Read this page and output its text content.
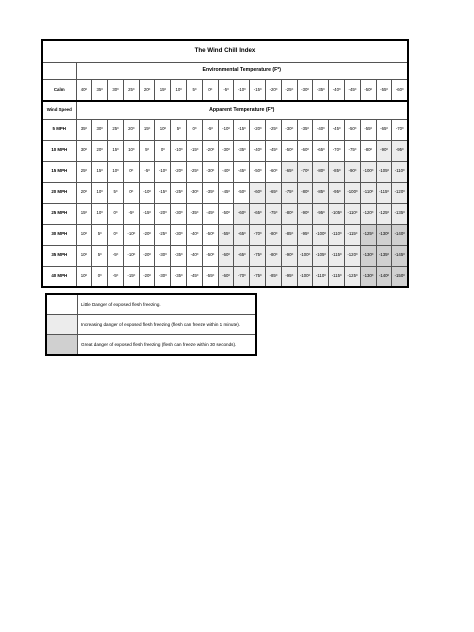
The Wind Chill Index																					
	Environmental Temperature (Fº)																				
Calm	40º	35º	30º	25º	20º	15º	10º	5º	0º	-5º	-10º	-15º	-20º	-25º	-30º	-35º	-40º	-45º	-50º	-55º	-60º
Wind Speed	Apparent Temperature (Fº)																				
5 MPH	35º	30º	25º	20º	15º	10º	5º	0º	-5º	-10º	-15º	-20º	-25º	-30º	-35º	-40º	-45º	-50º	-55º	-65º	-70º
10 MPH	30º	20º	15º	10º	5º	0º	-10º	-15º	-20º	-30º	-35º	-40º	-45º	-50º	-60º	-65º	-70º	-75º	-80º	-90º	-95º
15 MPH	25º	15º	10º	0º	-5º	-10º	-20º	-25º	-30º	-40º	-45º	-50º	-60º	-65º	-70º	-80º	-85º	-90º	-100º	-105º	-110º
20 MPH	20º	10º	5º	0º	-10º	-15º	-25º	-30º	-35º	-45º	-50º	-60º	-65º	-75º	-80º	-85º	-95º	-100º	-110º	-115º	-120º
25 MPH	15º	10º	0º	-5º	-15º	-20º	-30º	-35º	-45º	-50º	-60º	-65º	-75º	-80º	-90º	-95º	-105º	-110º	-120º	-125º	-135º
30 MPH	10º	5º	0º	-10º	-20º	-25º	-30º	-40º	-50º	-55º	-65º	-70º	-80º	-85º	-95º	-100º	-110º	-115º	-125º	-130º	-140º
35 MPH	10º	5º	-5º	-10º	-20º	-30º	-35º	-40º	-50º	-60º	-65º	-75º	-80º	-90º	-100º	-105º	-115º	-120º	-130º	-135º	-145º
40 MPH	10º	0º	-5º	-15º	-20º	-30º	-35º	-45º	-55º	-60º	-70º	-75º	-85º	-95º	-100º	-110º	-115º	-125º	-130º	-140º	-150º
	Little Danger of exposed flesh freezing.
	Increasing danger of exposed flesh freezing (flesh can freeze within 1 minute).
	Great danger of exposed flesh freezing (flesh can freeze within 30 seconds).
